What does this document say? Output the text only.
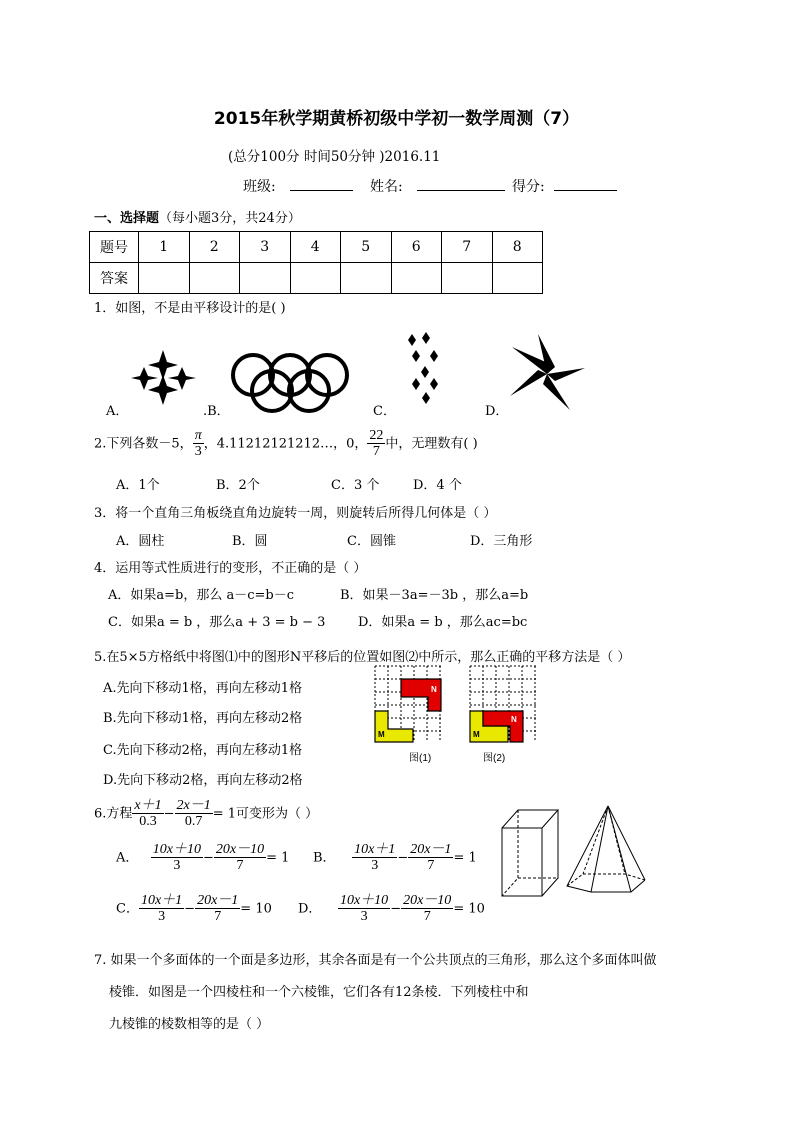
2015年秋学期黄桥初级中学初一数学周测（7）
(总分100分 时间50分钟 )2016.11
班级:	姓名:	得分:
一、选择题（每小题3分，共24分）
题号	1	2	3	4	5	6	7	8
答案								
1．如图，不是由平移设计的是( )
A．	.B．	C．	D．
2.下列各数－5， $\frac{\pi}{3}$ ，4.11212121212…，0， $\frac{22}{7}$ 中，无理数有( )
A．1个	B．2个	C．3 个	D．4 个
3．将一个直角三角板绕直角边旋转一周，则旋转后所得几何体是（ ）
A．圆柱	B．圆	C．圆锥	D．三角形
4．运用等式性质进行的变形，不正确的是（ ）
A．如果a=b，那么 a－c=b－c	B．如果－3a=－3b ，那么a=b
C．如果a = b ，那么a + 3 = b − 3	D．如果a = b ，那么ac=bc
5.在5×5方格纸中将图⑴中的图形N平移后的位置如图⑵中所示，那么正确的平移方法是（ ）
A.先向下移动1格，再向左移动1格
B.先向下移动1格，再向左移动2格
C.先向下移动2格，再向左移动1格
D.先向下移动2格，再向左移动2格
N
M
N
M
图(1)	图(2)
6.方程 $\frac{x+1}{0.3} - \frac{2x-1}{0.7} = 1$可变形为（ ）
A． $\frac{10x+10}{3} - \frac{20x-10}{7} = 1$ B． $\frac{10x+1}{3} - \frac{20x-1}{7} = 1$
C． $\frac{10x+1}{3} - \frac{20x-1}{7} = 10$ D． $\frac{10x+10}{3} - \frac{20x-10}{7} = 10$
7. 如果一个多面体的一个面是多边形，其余各面是有一个公共顶点的三角形，那么这个多面体叫做
棱锥．如图是一个四棱柱和一个六棱锥，它们各有12条棱．下列棱柱中和
九棱锥的棱数相等的是（ ）
